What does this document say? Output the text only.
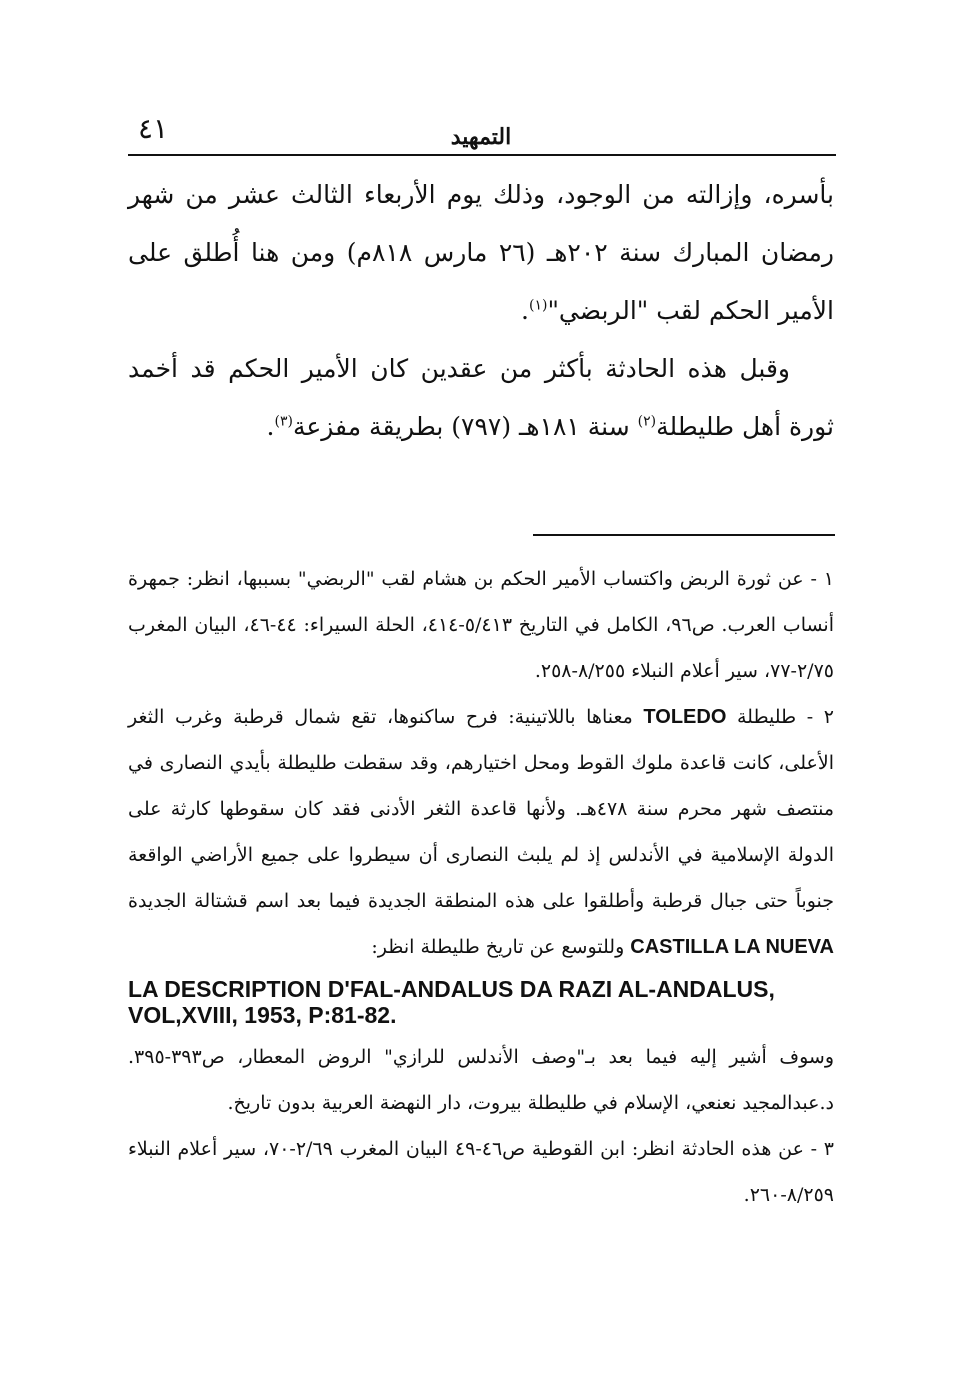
٤١	التمهيد

بأسره، وإزالته من الوجود، وذلك يوم الأربعاء الثالث عشر من شهر رمضان المبارك سنة ٢٠٢هـ (٢٦ مارس ٨١٨م) ومن هنا أُطلق على الأمير الحكم لقب "الربضي"$^{(١)}$.

وقبل هذه الحادثة بأكثر من عقدين كان الأمير الحكم قد أخمد ثورة أهل طليطلة$^{(٢)}$ سنة ١٨١هـ (٧٩٧) بطريقة مفزعة$^{(٣)}$.

١ - عن ثورة الربض واكتساب الأمير الحكم بن هشام لقب "الربضي" بسببها، انظر: جمهرة أنساب العرب. ص٩٦، الكامل في التاريخ ٥/٤١٣-٤١٤، الحلة السيراء: ٤٤-٤٦، البيان المغرب ٢/٧٥-٧٧، سير أعلام النبلاء ٨/٢٥٥-٢٥٨.

٢ - طليطلة TOLEDO معناها باللاتينية: فرح ساكنوها، تقع شمال قرطبة وغرب الثغر الأعلى، كانت قاعدة ملوك القوط ومحل اختيارهم، وقد سقطت طليطلة بأيدي النصارى في منتصف شهر محرم سنة ٤٧٨هـ. ولأنها قاعدة الثغر الأدنى فقد كان سقوطها كارثة على الدولة الإسلامية في الأندلس إذ لم يلبث النصارى أن سيطروا على جميع الأراضي الواقعة جنوباً حتى جبال قرطبة وأطلقوا على هذه المنطقة الجديدة فيما بعد اسم قشتالة الجديدة CASTILLA LA NUEVA وللتوسع عن تاريخ طليطلة انظر:

LA DESCRIPTION D'FAL-ANDALUS DA RAZI AL-ANDALUS,
VOL,XVIII, 1953, P:81-82.

وسوف أشير إليه فيما بعد بـ"وصف الأندلس للرازي" الروض المعطار، ص٣٩٣-٣٩٥. د.عبدالمجيد نعنعي، الإسلام في طليطلة بيروت، دار النهضة العربية بدون تاريخ.

٣ - عن هذه الحادثة انظر: ابن القوطية ص٤٦-٤٩ البيان المغرب ٢/٦٩-٧٠، سير أعلام النبلاء ٨/٢٥٩-٢٦٠.
